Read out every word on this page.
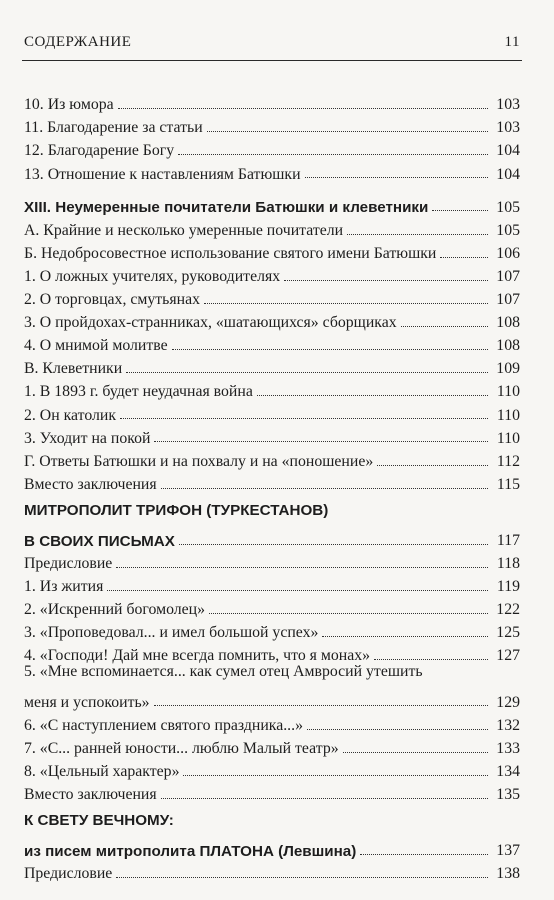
СОДЕРЖАНИЕ	11
10. Из юмора	103
11. Благодарение за статьи	103
12. Благодарение Богу	104
13. Отношение к наставлениям Батюшки	104
XIII. Неумеренные почитатели Батюшки и клеветники	105
А. Крайние и несколько умеренные почитатели	105
Б. Недобросовестное использование святого имени Батюшки	106
1. О ложных учителях, руководителях	107
2. О торговцах, смутьянах	107
3. О пройдохах-странниках, «шатающихся» сборщиках	108
4. О мнимой молитве	108
В. Клеветники	109
1. В 1893 г. будет неудачная война	110
2. Он католик	110
3. Уходит на покой	110
Г. Ответы Батюшки и на похвалу и на «поношение»	112
Вместо заключения	115
МИТРОПОЛИТ ТРИФОН (ТУРКЕСТАНОВ)
В СВОИХ ПИСЬМАХ	117
Предисловие	118
1. Из жития	119
2. «Искренний богомолец»	122
3. «Проповедовал... и имел большой успех»	125
4. «Господи! Дай мне всегда помнить, что я монах»	127
5. «Мне вспоминается... как сумел отец Амвросий утешить
меня и успокоить»	129
6. «С наступлением святого праздника...»	132
7. «С... ранней юности... люблю Малый театр»	133
8. «Цельный характер»	134
Вместо заключения	135
К СВЕТУ ВЕЧНОМУ:
из писем митрополита ПЛАТОНА (Левшина)	137
Предисловие	138
